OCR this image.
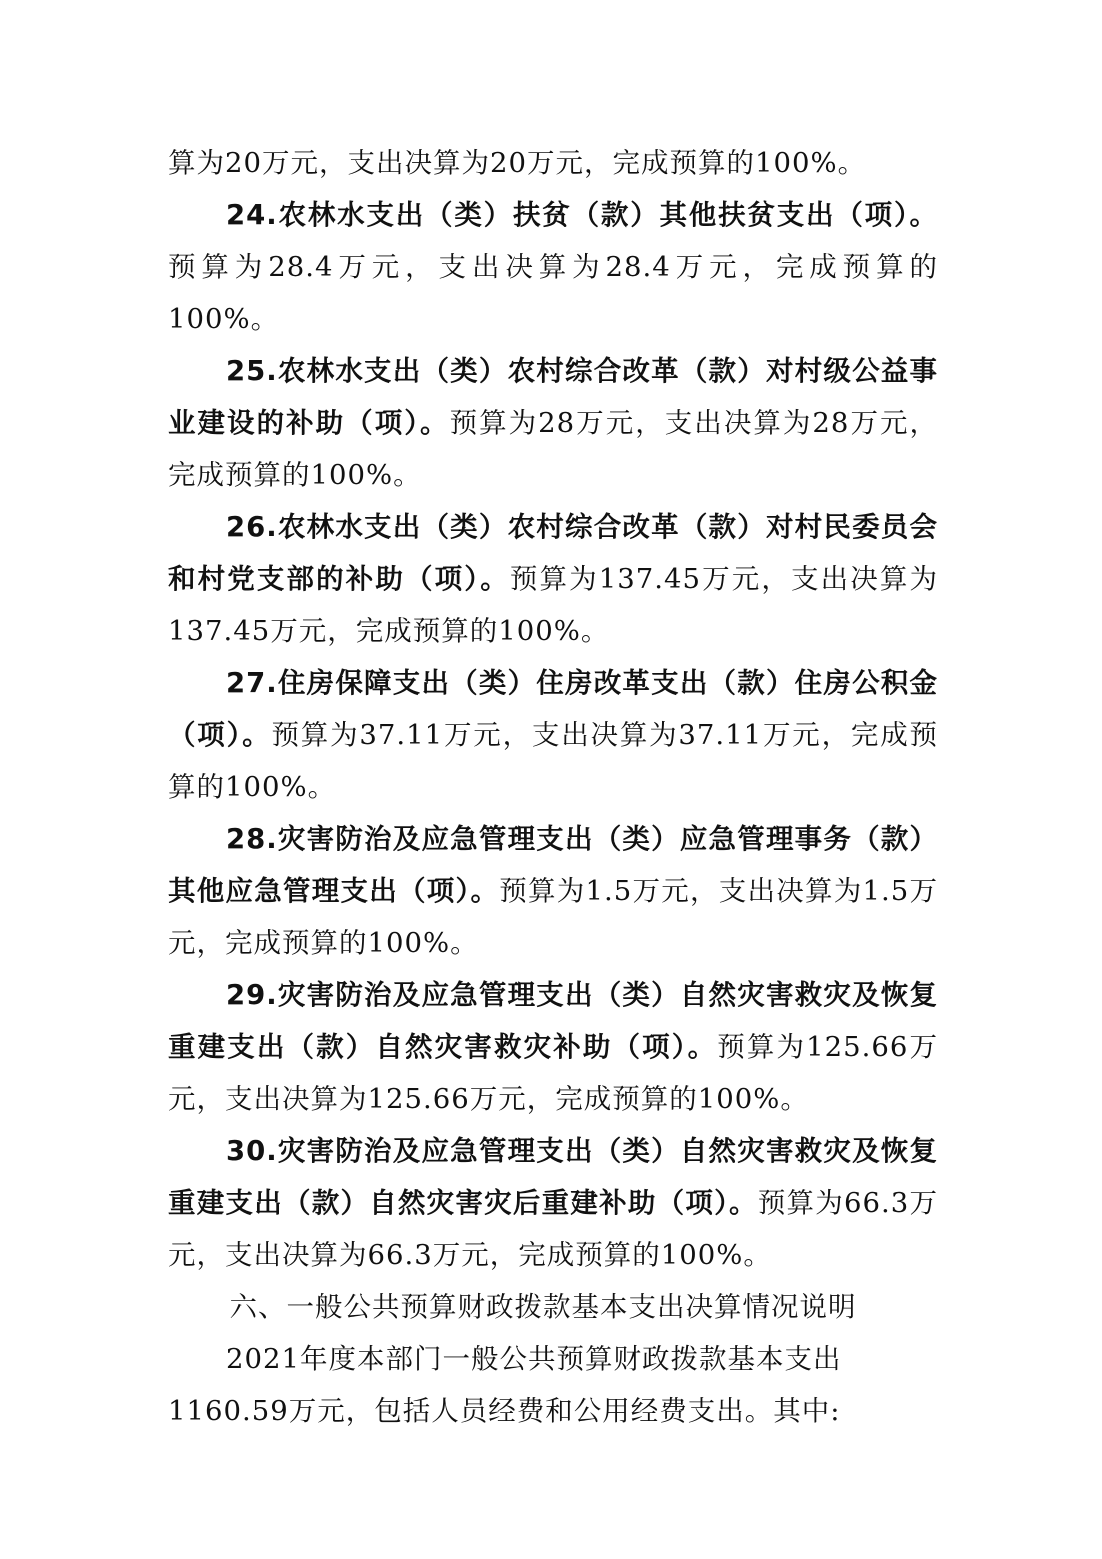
算为20万元，支出决算为20万元，完成预算的100%。

24.农林水支出（类）扶贫（款）其他扶贫支出（项）。预算为28.4万元，支出决算为28.4万元，完成预算的100%。

25.农林水支出（类）农村综合改革（款）对村级公益事业建设的补助（项）。预算为28万元，支出决算为28万元，完成预算的100%。

26.农林水支出（类）农村综合改革（款）对村民委员会和村党支部的补助（项）。预算为137.45万元，支出决算为137.45万元，完成预算的100%。

27.住房保障支出（类）住房改革支出（款）住房公积金（项）。预算为37.11万元，支出决算为37.11万元，完成预算的100%。

28.灾害防治及应急管理支出（类）应急管理事务（款）其他应急管理支出（项）。预算为1.5万元，支出决算为1.5万元，完成预算的100%。

29.灾害防治及应急管理支出（类）自然灾害救灾及恢复重建支出（款）自然灾害救灾补助（项）。预算为125.66万元，支出决算为125.66万元，完成预算的100%。

30.灾害防治及应急管理支出（类）自然灾害救灾及恢复重建支出（款）自然灾害灾后重建补助（项）。预算为66.3万元，支出决算为66.3万元，完成预算的100%。

六、一般公共预算财政拨款基本支出决算情况说明

2021年度本部门一般公共预算财政拨款基本支出

1160.59万元，包括人员经费和公用经费支出。其中:
